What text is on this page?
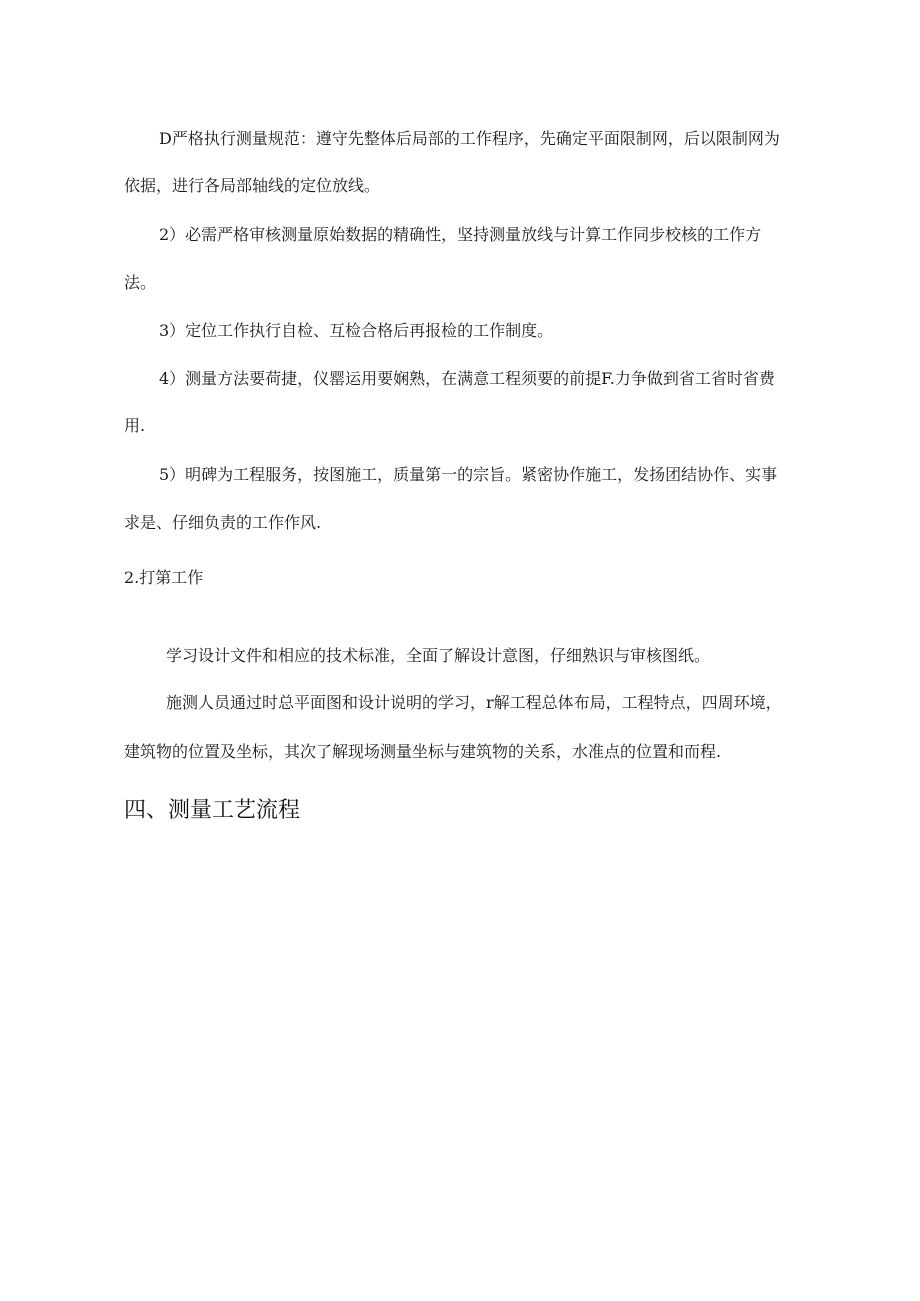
D严格执行测量规范：遵守先整体后局部的工作程序，先确定平面限制网，后以限制网为
依据，进行各局部轴线的定位放线。
2）必需严格审核测量原始数据的精确性，坚持测量放线与计算工作同步校核的工作方
法。
3）定位工作执行自检、互检合格后再报检的工作制度。
4）测量方法要荷捷，仪罂运用要娴熟，在满意工程须要的前提F.力争做到省工省时省费
用.
5）明碑为工程服务，按图施工，质量第一的宗旨。紧密协作施工，发扬团结协作、实事
求是、仔细负责的工作作风.
2.打第工作
学习设计文件和相应的技术标准，全面了解设计意图，仔细熟识与审核图纸。
施测人员通过时总平面图和设计说明的学习，r解工程总体布局，工程特点，四周环境，
建筑物的位置及坐标，其次了解现场测量坐标与建筑物的关系，水准点的位置和而程.
四、测量工艺流程
